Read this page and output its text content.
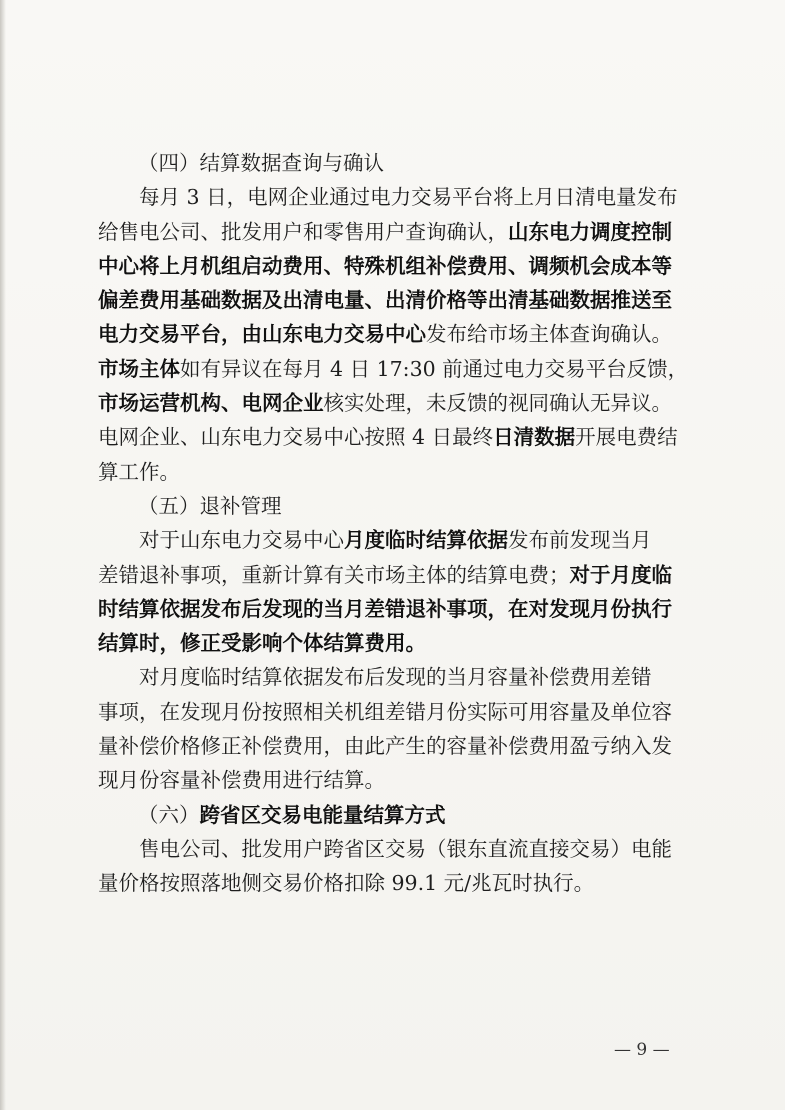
（四）结算数据查询与确认
每月 3 日，电网企业通过电力交易平台将上月日清电量发布
给售电公司、批发用户和零售用户查询确认，山东电力调度控制
中心将上月机组启动费用、特殊机组补偿费用、调频机会成本等
偏差费用基础数据及出清电量、出清价格等出清基础数据推送至
电力交易平台，由山东电力交易中心发布给市场主体查询确认。
市场主体如有异议在每月 4 日 17:30 前通过电力交易平台反馈，
市场运营机构、电网企业核实处理，未反馈的视同确认无异议。
电网企业、山东电力交易中心按照 4 日最终日清数据开展电费结
算工作。
（五）退补管理
对于山东电力交易中心月度临时结算依据发布前发现当月
差错退补事项，重新计算有关市场主体的结算电费；对于月度临
时结算依据发布后发现的当月差错退补事项，在对发现月份执行
结算时，修正受影响个体结算费用。
对月度临时结算依据发布后发现的当月容量补偿费用差错
事项，在发现月份按照相关机组差错月份实际可用容量及单位容
量补偿价格修正补偿费用，由此产生的容量补偿费用盈亏纳入发
现月份容量补偿费用进行结算。
（六）跨省区交易电能量结算方式
售电公司、批发用户跨省区交易（银东直流直接交易）电能
量价格按照落地侧交易价格扣除 99.1 元/兆瓦时执行。
— 9 —
